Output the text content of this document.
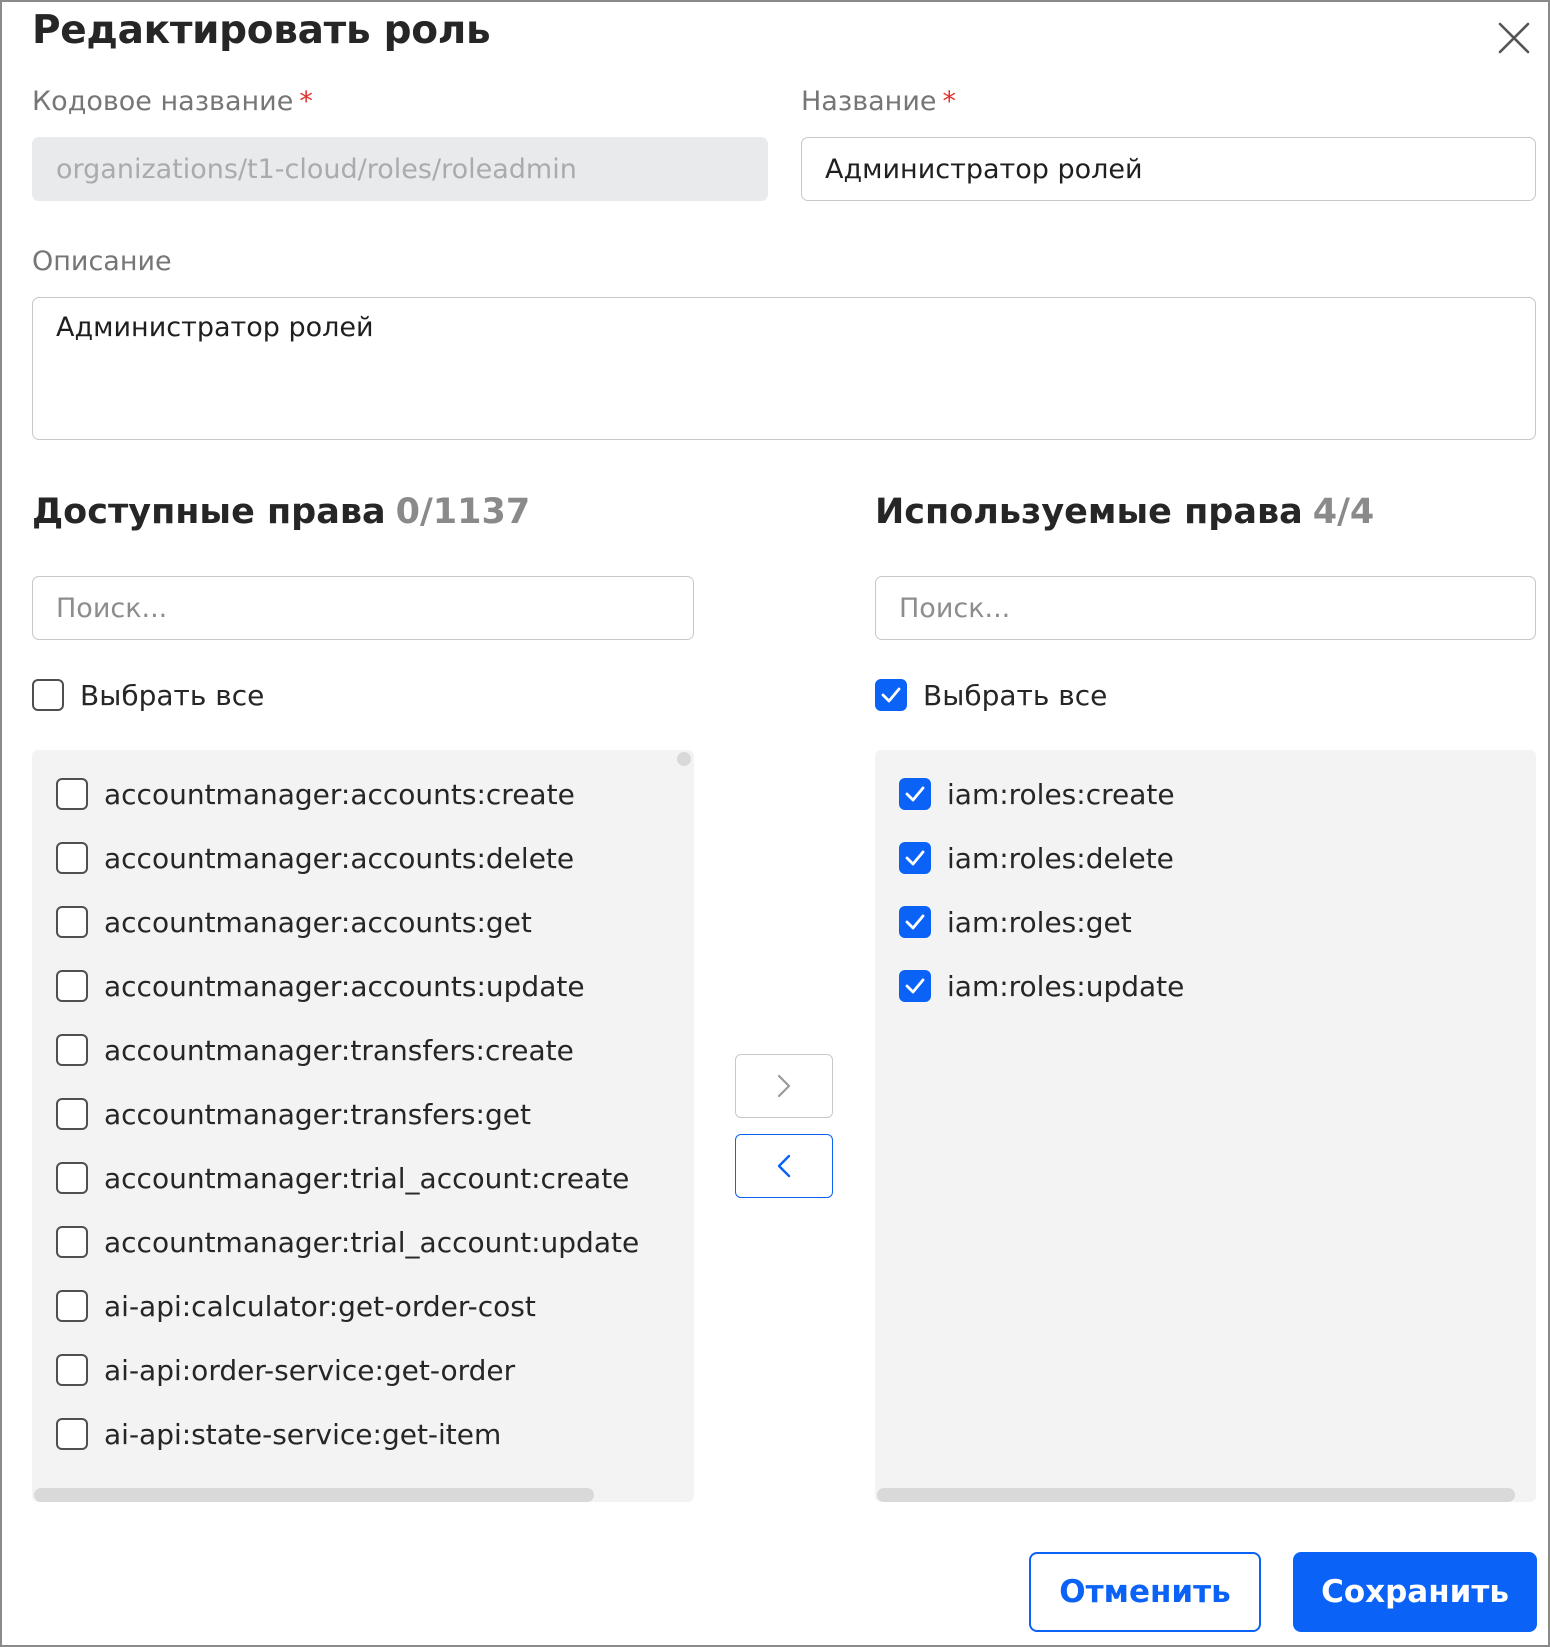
Редактировать роль
Кодовое название *
organizations/t1-cloud/roles/roleadmin
Название *
Администратор ролей
Описание
Администратор ролей
Доступные права 0/1137
Поиск...
Выбрать все
accountmanager:accounts:create
accountmanager:accounts:delete
accountmanager:accounts:get
accountmanager:accounts:update
accountmanager:transfers:create
accountmanager:transfers:get
accountmanager:trial_account:create
accountmanager:trial_account:update
ai-api:calculator:get-order-cost
ai-api:order-service:get-order
ai-api:state-service:get-item
Используемые права 4/4
Поиск...
Выбрать все
iam:roles:create
iam:roles:delete
iam:roles:get
iam:roles:update
Отменить	Сохранить
